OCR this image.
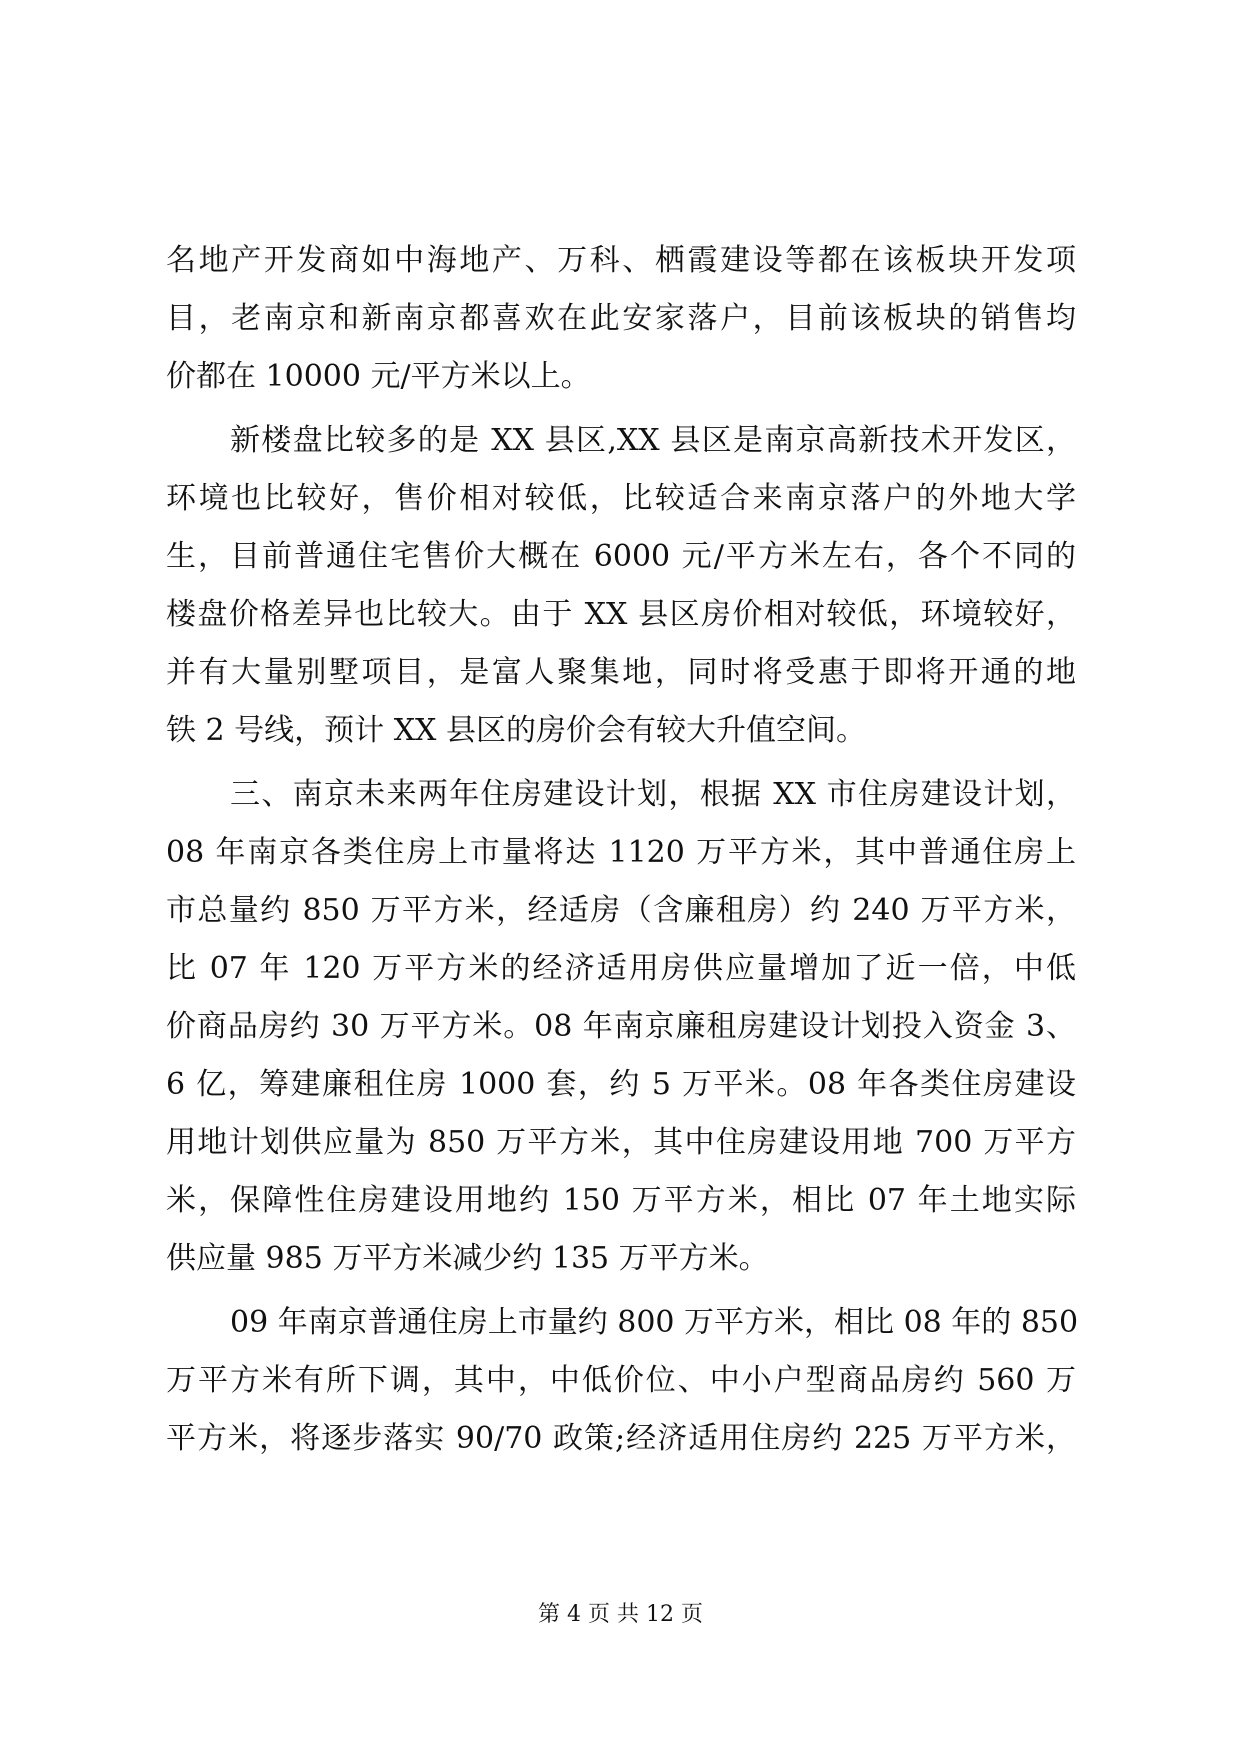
名地产开发商如中海地产、万科、栖霞建设等都在该板块开发项
目，老南京和新南京都喜欢在此安家落户，目前该板块的销售均
价都在 10000 元/平方米以上。
新楼盘比较多的是 XX 县区,XX 县区是南京高新技术开发区，
环境也比较好，售价相对较低，比较适合来南京落户的外地大学
生，目前普通住宅售价大概在 6000 元/平方米左右，各个不同的
楼盘价格差异也比较大。由于 XX 县区房价相对较低，环境较好，
并有大量别墅项目，是富人聚集地，同时将受惠于即将开通的地
铁 2 号线，预计 XX 县区的房价会有较大升值空间。
三、南京未来两年住房建设计划，根据 XX 市住房建设计划，
08 年南京各类住房上市量将达 1120 万平方米，其中普通住房上
市总量约 850 万平方米，经适房（含廉租房）约 240 万平方米，
比 07 年 120 万平方米的经济适用房供应量增加了近一倍，中低
价商品房约 30 万平方米。08 年南京廉租房建设计划投入资金 3、
6 亿，筹建廉租住房 1000 套，约 5 万平米。08 年各类住房建设
用地计划供应量为 850 万平方米，其中住房建设用地 700 万平方
米，保障性住房建设用地约 150 万平方米，相比 07 年土地实际
供应量 985 万平方米减少约 135 万平方米。
09 年南京普通住房上市量约 800 万平方米，相比 08 年的 850
万平方米有所下调，其中，中低价位、中小户型商品房约 560 万
平方米，将逐步落实 90/70 政策;经济适用住房约 225 万平方米，
第 4 页 共 12 页
